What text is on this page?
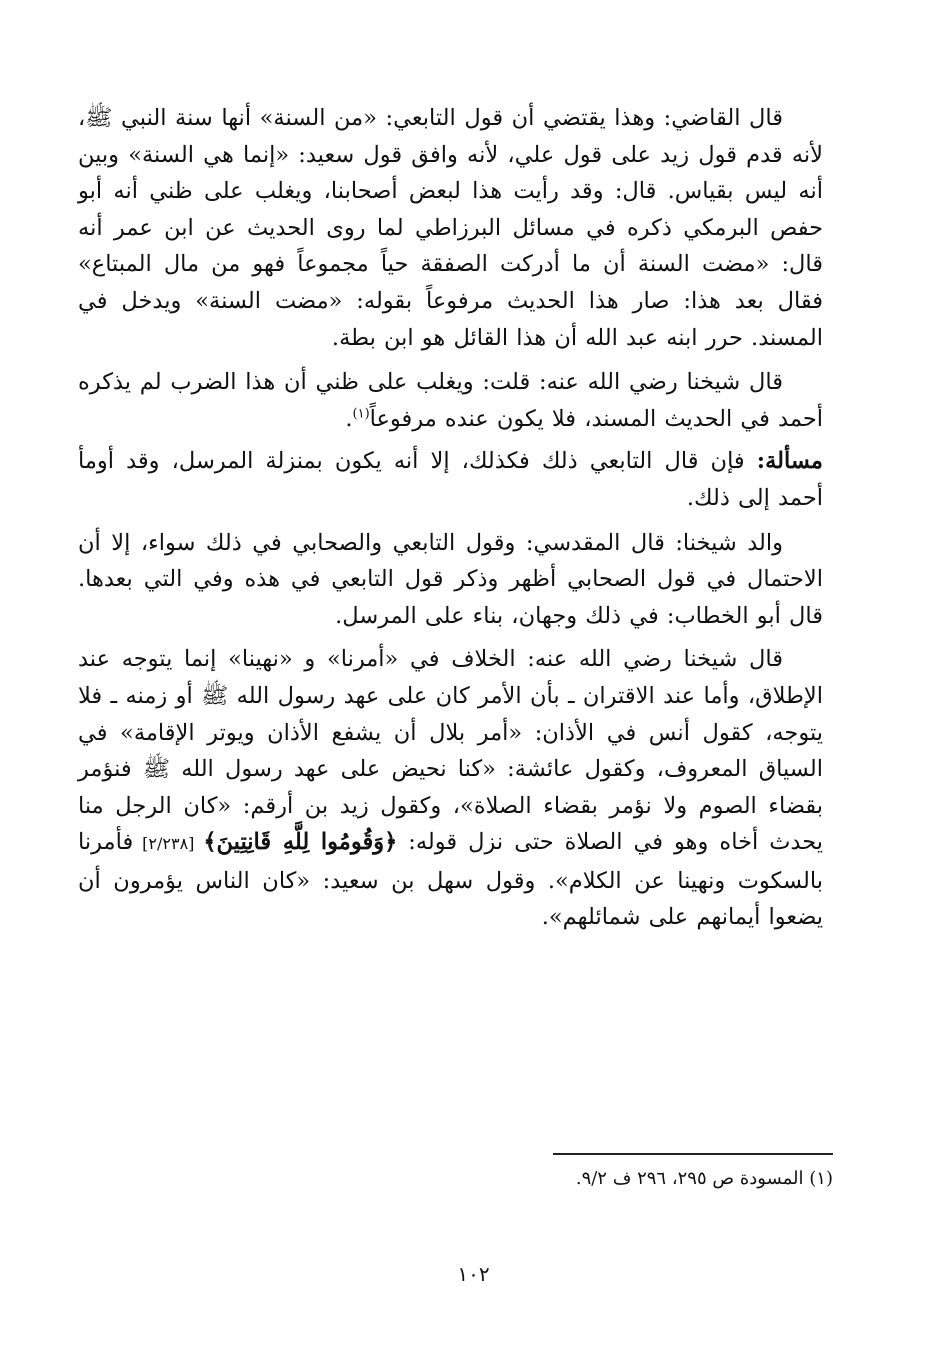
قال القاضي: وهذا يقتضي أن قول التابعي: «من السنة» أنها سنة النبي ﷺ، لأنه قدم قول زيد على قول علي، لأنه وافق قول سعيد: «إنما هي السنة» وبين أنه ليس بقياس. قال: وقد رأيت هذا لبعض أصحابنا، ويغلب على ظني أنه أبو حفص البرمكي ذكره في مسائل البرزاطي لما روى الحديث عن ابن عمر أنه قال: «مضت السنة أن ما أدركت الصفقة حياً مجموعاً فهو من مال المبتاع» فقال بعد هذا: صار هذا الحديث مرفوعاً بقوله: «مضت السنة» ويدخل في المسند. حرر ابنه عبد الله أن هذا القائل هو ابن بطة.

قال شيخنا رضي الله عنه: قلت: ويغلب على ظني أن هذا الضرب لم يذكره أحمد في الحديث المسند، فلا يكون عنده مرفوعاً$^{(١)}$.

مسألة: فإن قال التابعي ذلك فكذلك، إلا أنه يكون بمنزلة المرسل، وقد أومأ أحمد إلى ذلك.

والد شيخنا: قال المقدسي: وقول التابعي والصحابي في ذلك سواء، إلا أن الاحتمال في قول الصحابي أظهر وذكر قول التابعي في هذه وفي التي بعدها. قال أبو الخطاب: في ذلك وجهان، بناء على المرسل.

قال شيخنا رضي الله عنه: الخلاف في «أمرنا» و «نهينا» إنما يتوجه عند الإطلاق، وأما عند الاقتران ـ بأن الأمر كان على عهد رسول الله ﷺ أو زمنه ـ فلا يتوجه، كقول أنس في الأذان: «أمر بلال أن يشفع الأذان ويوتر الإقامة» في السياق المعروف، وكقول عائشة: «كنا نحيض على عهد رسول الله ﷺ فنؤمر بقضاء الصوم ولا نؤمر بقضاء الصلاة»، وكقول زيد بن أرقم: «كان الرجل منا يحدث أخاه وهو في الصلاة حتى نزل قوله: ﴿وَقُومُوا لِلَّهِ قَانِتِينَ﴾ [٢/٢٣٨] فأمرنا بالسكوت ونهينا عن الكلام». وقول سهل بن سعيد: «كان الناس يؤمرون أن يضعوا أيمانهم على شمائلهم».

(١) المسودة ص ٢٩٥، ٢٩٦ ف ٩/٢.
١٠٢
